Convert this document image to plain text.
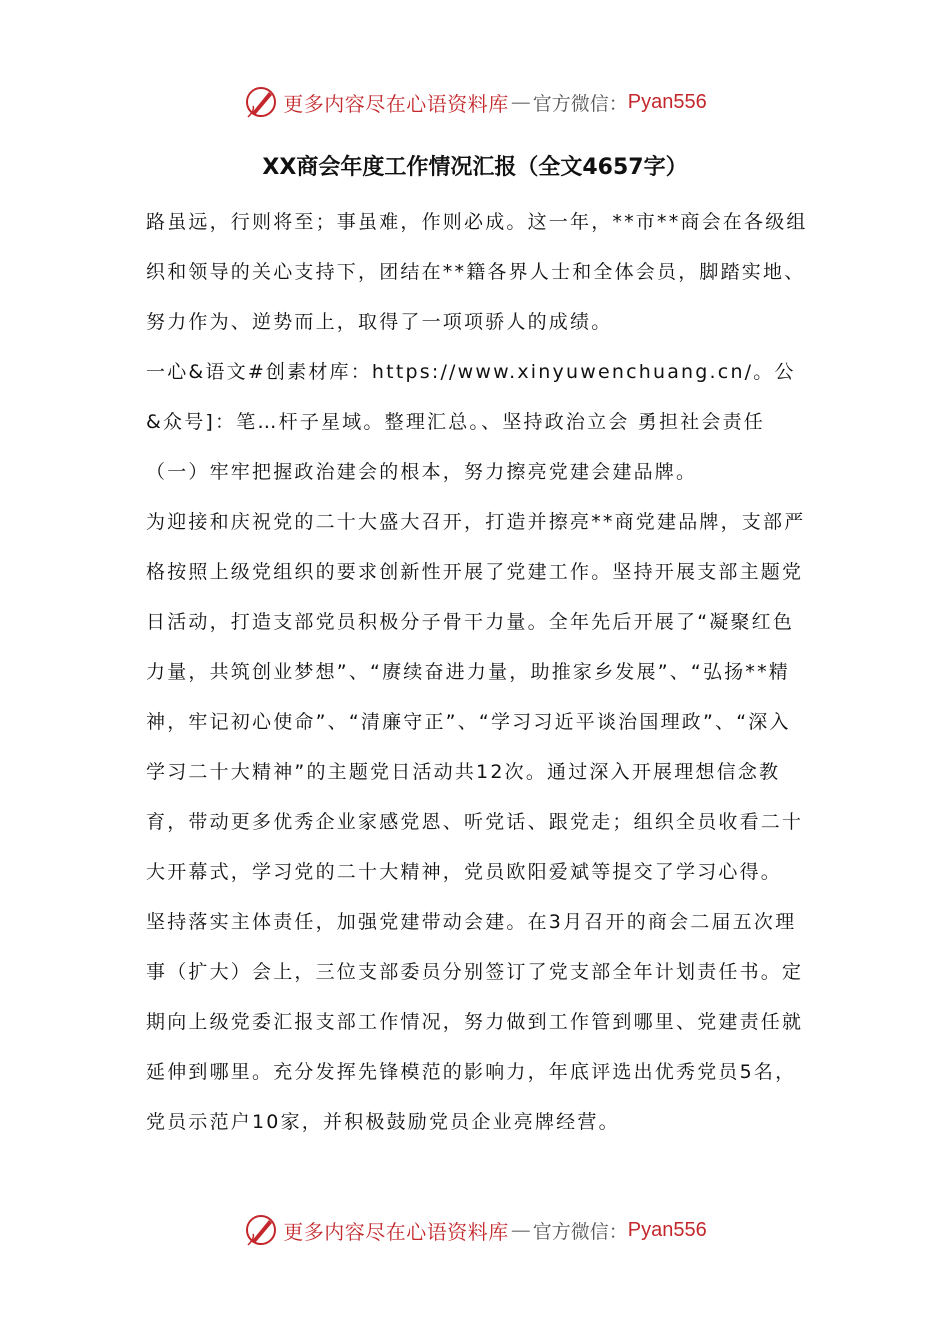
更多内容尽在心语资料库 — 官方微信： Pyan556
XX商会年度工作情况汇报（全文4657字）

路虽远，行则将至；事虽难，作则必成。这一年，**市**商会在各级组织和领导的关心支持下，团结在**籍各界人士和全体会员，脚踏实地、努力作为、逆势而上，取得了一项项骄人的成绩。

一心&语文#创素材库：https://www.xinyuwenchuang.cn/。公&众号]：笔…杆子星域。整理汇总。、坚持政治立会 勇担社会责任

（一）牢牢把握政治建会的根本，努力擦亮党建会建品牌。

为迎接和庆祝党的二十大盛大召开，打造并擦亮**商党建品牌，支部严格按照上级党组织的要求创新性开展了党建工作。坚持开展支部主题党日活动，打造支部党员积极分子骨干力量。全年先后开展了“凝聚红色力量，共筑创业梦想”、“赓续奋进力量，助推家乡发展”、“弘扬**精神，牢记初心使命”、“清廉守正”、“学习习近平谈治国理政”、“深入学习二十大精神”的主题党日活动共12次。通过深入开展理想信念教育，带动更多优秀企业家感党恩、听党话、跟党走；组织全员收看二十大开幕式，学习党的二十大精神，党员欧阳爱斌等提交了学习心得。

坚持落实主体责任，加强党建带动会建。在3月召开的商会二届五次理事（扩大）会上，三位支部委员分别签订了党支部全年计划责任书。定期向上级党委汇报支部工作情况，努力做到工作管到哪里、党建责任就延伸到哪里。充分发挥先锋模范的影响力，年底评选出优秀党员5名，党员示范户10家，并积极鼓励党员企业亮牌经营。

更多内容尽在心语资料库 — 官方微信： Pyan556
